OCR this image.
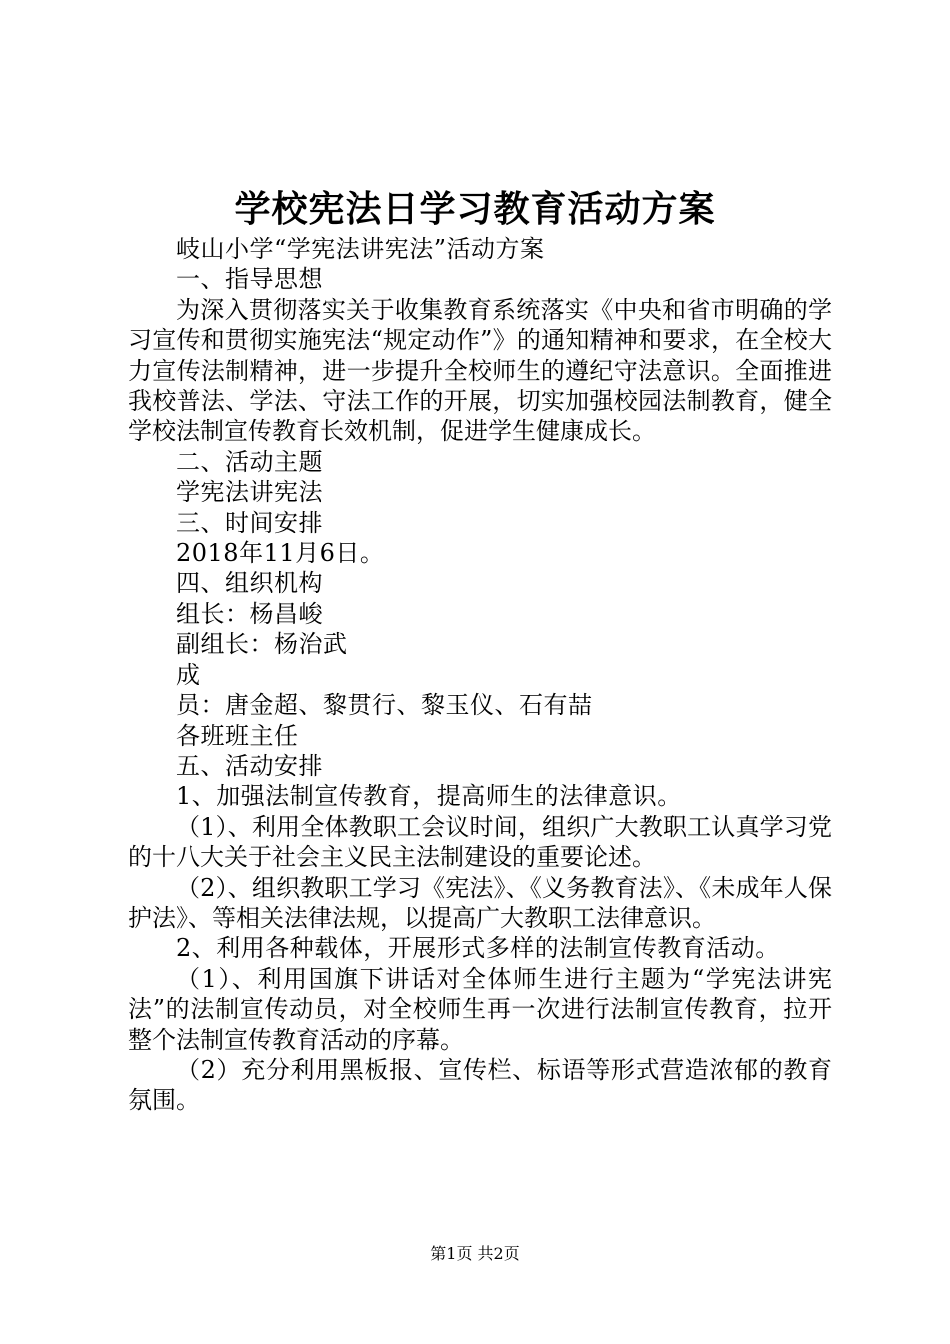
学校宪法日学习教育活动方案

岐山小学“学宪法讲宪法”活动方案

一、指导思想

为深入贯彻落实关于收集教育系统落实《中央和省市明确的学习宣传和贯彻实施宪法“规定动作”》的通知精神和要求，在全校大力宣传法制精神，进一步提升全校师生的遵纪守法意识。全面推进我校普法、学法、守法工作的开展，切实加强校园法制教育，健全学校法制宣传教育长效机制，促进学生健康成长。

二、活动主题

学宪法讲宪法

三、时间安排

2018年11月6日。

四、组织机构

组长：杨昌峻

副组长：杨治武

成

员：唐金超、黎贯行、黎玉仪、石有喆

各班班主任

五、活动安排

1、加强法制宣传教育，提高师生的法律意识。

（1）、利用全体教职工会议时间，组织广大教职工认真学习党的十八大关于社会主义民主法制建设的重要论述。

（2）、组织教职工学习《宪法》、《义务教育法》、《未成年人保护法》、等相关法律法规，以提高广大教职工法律意识。

2、利用各种载体，开展形式多样的法制宣传教育活动。

（1）、利用国旗下讲话对全体师生进行主题为“学宪法讲宪法”的法制宣传动员，对全校师生再一次进行法制宣传教育，拉开整个法制宣传教育活动的序幕。

（2）充分利用黑板报、宣传栏、标语等形式营造浓郁的教育氛围。

第1页 共2页
